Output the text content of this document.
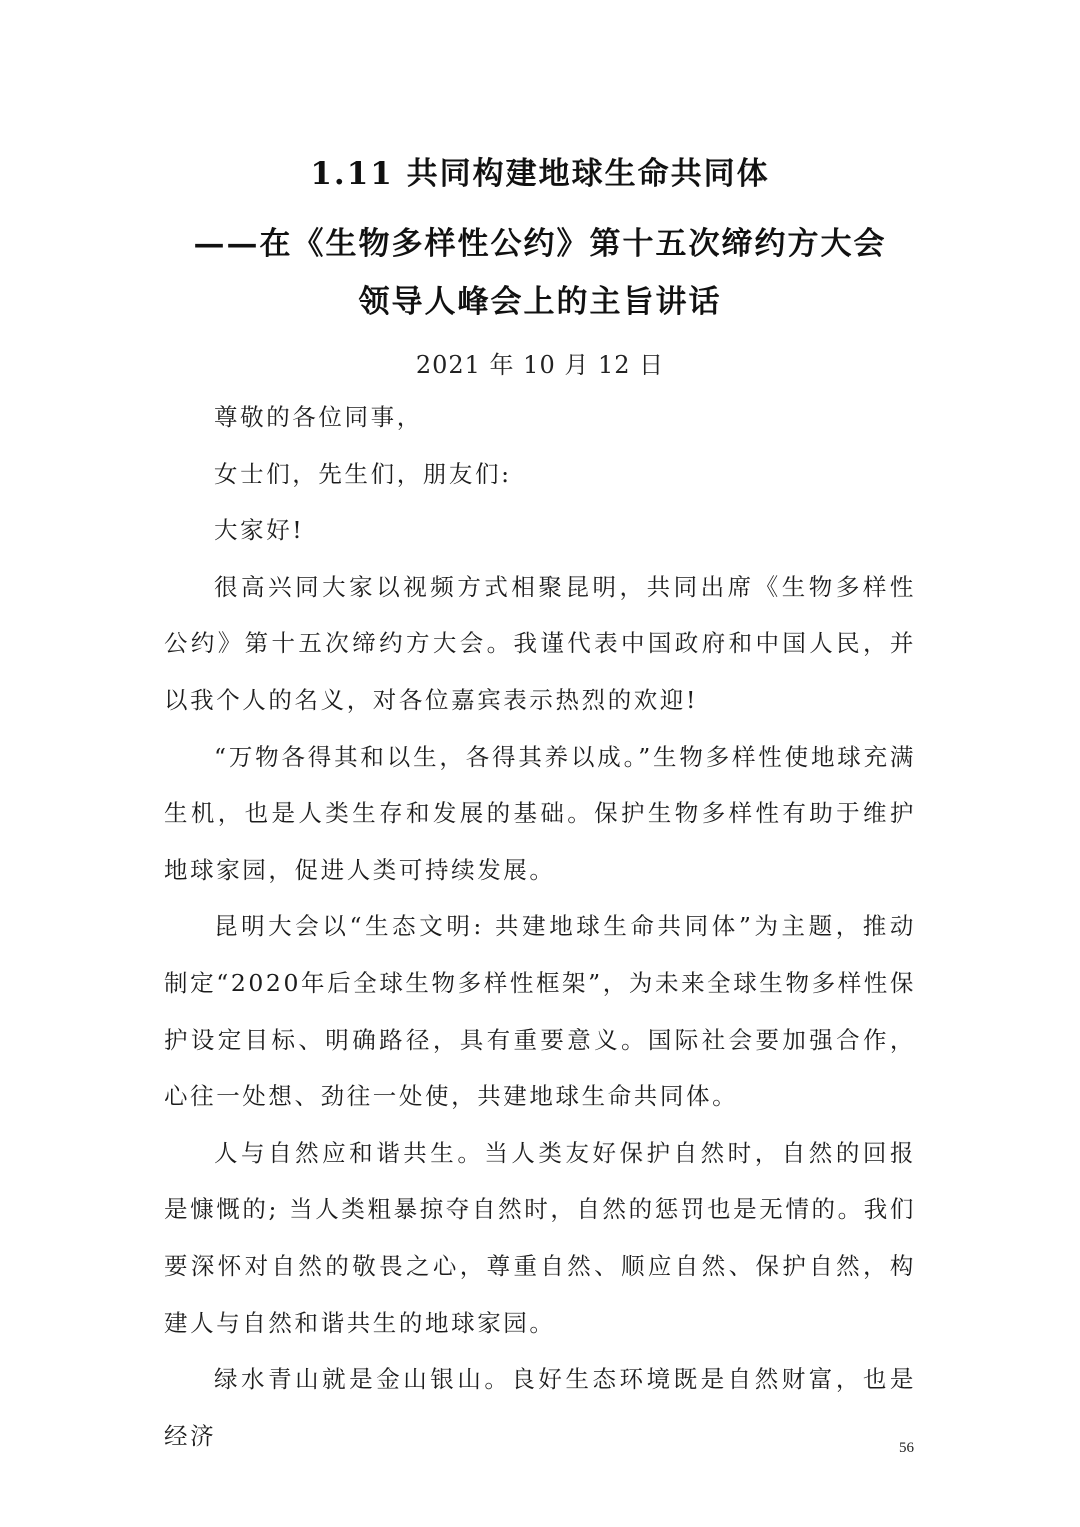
1.11 共同构建地球生命共同体
——在《生物多样性公约》第十五次缔约方大会
领导人峰会上的主旨讲话
2021 年 10 月 12 日

尊敬的各位同事，

女士们，先生们，朋友们:

大家好!

很高兴同大家以视频方式相聚昆明，共同出席《生物多样性公约》第十五次缔约方大会。我谨代表中国政府和中国人民，并以我个人的名义，对各位嘉宾表示热烈的欢迎!

“万物各得其和以生，各得其养以成。”生物多样性使地球充满生机，也是人类生存和发展的基础。保护生物多样性有助于维护地球家园，促进人类可持续发展。

昆明大会以“生态文明: 共建地球生命共同体”为主题，推动制定“2020年后全球生物多样性框架”，为未来全球生物多样性保护设定目标、明确路径，具有重要意义。国际社会要加强合作，心往一处想、劲往一处使，共建地球生命共同体。

人与自然应和谐共生。当人类友好保护自然时，自然的回报是慷慨的; 当人类粗暴掠夺自然时，自然的惩罚也是无情的。我们要深怀对自然的敬畏之心，尊重自然、顺应自然、保护自然，构建人与自然和谐共生的地球家园。

绿水青山就是金山银山。良好生态环境既是自然财富，也是经济	56
